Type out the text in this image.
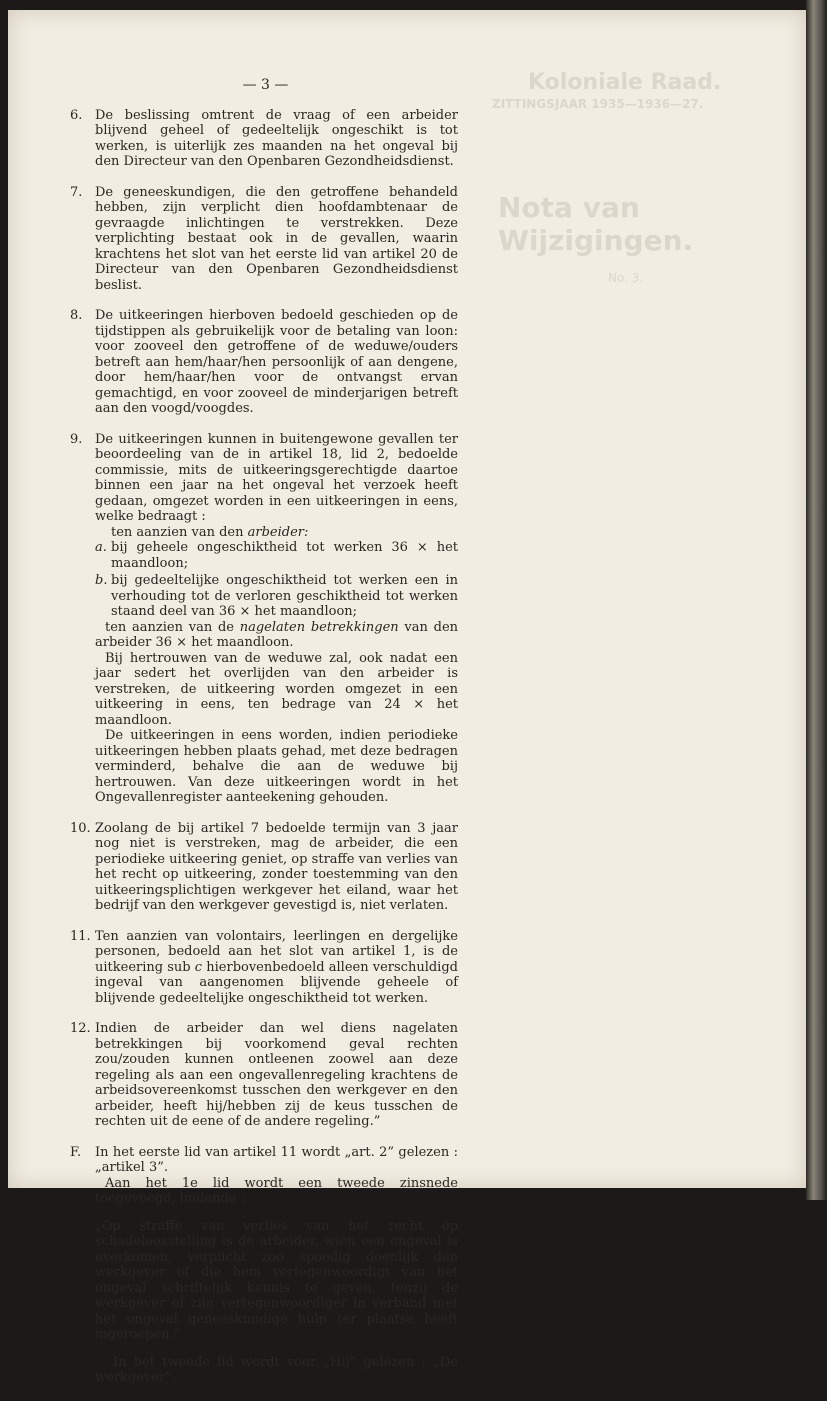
Koloniale Raad.
ZITTINGSJAAR 1935—1936—27.
Nota van Wijzigingen.
No. 3.
— 3 —
6. De beslissing omtrent de vraag of een arbeider blijvend geheel of gedeeltelijk ongeschikt is tot werken, is uiterlijk zes maanden na het ongeval bij den Directeur van den Openbaren Gezondheidsdienst.

7. De geneeskundigen, die den getroffene behandeld hebben, zijn verplicht dien hoofdambtenaar de gevraagde inlichtingen te verstrekken. Deze verplichting bestaat ook in de gevallen, waarin krachtens het slot van het eerste lid van artikel 20 de Directeur van den Openbaren Gezondheidsdienst beslist.

8. De uitkeeringen hierboven bedoeld geschieden op de tijdstippen als gebruikelijk voor de betaling van loon: voor zooveel den getroffene of de weduwe/ouders betreft aan hem/haar/hen persoonlijk of aan dengene, door hem/haar/hen voor de ontvangst ervan gemachtigd, en voor zooveel de minderjarigen betreft aan den voogd/voogdes.

9. De uitkeeringen kunnen in buitengewone gevallen ter beoordeeling van de in artikel 18, lid 2, bedoelde commissie, mits de uitkeeringsgerechtigde daartoe binnen een jaar na het ongeval het verzoek heeft gedaan, omgezet worden in een uitkeeringen in eens, welke bedraagt :

ten aanzien van den arbeider:

a. bij geheele ongeschiktheid tot werken 36 × het maandloon;

b. bij gedeeltelijke ongeschiktheid tot werken een in verhouding tot de verloren geschiktheid tot werken staand deel van 36 × het maandloon;

ten aanzien van de nagelaten betrekkingen van den arbeider 36 × het maandloon.

Bij hertrouwen van de weduwe zal, ook nadat een jaar sedert het overlijden van den arbeider is verstreken, de uitkeering worden omgezet in een uitkeering in eens, ten bedrage van 24 × het maandloon.

De uitkeeringen in eens worden, indien periodieke uitkeeringen hebben plaats gehad, met deze bedragen verminderd, behalve die aan de weduwe bij hertrouwen. Van deze uitkeeringen wordt in het Ongevallenregister aanteekening gehouden.

10. Zoolang de bij artikel 7 bedoelde termijn van 3 jaar nog niet is verstreken, mag de arbeider, die een periodieke uitkeering geniet, op straffe van verlies van het recht op uitkeering, zonder toestemming van den uitkeeringsplichtigen werkgever het eiland, waar het bedrijf van den werkgever gevestigd is, niet verlaten.

11. Ten aanzien van volontairs, leerlingen en dergelijke personen, bedoeld aan het slot van artikel 1, is de uitkeering sub c hierbovenbedoeld alleen verschuldigd ingeval van aangenomen blijvende geheele of blijvende gedeeltelijke ongeschiktheid tot werken.

12. Indien de arbeider dan wel diens nagelaten betrekkingen bij voorkomend geval rechten zou/zouden kunnen ontleenen zoowel aan deze regeling als aan een ongevallenregeling krachtens de arbeidsovereenkomst tusschen den werkgever en den arbeider, heeft hij/hebben zij de keus tusschen de rechten uit de eene of de andere regeling.”

F. In het eerste lid van artikel 11 wordt „art. 2” gelezen : „artikel 3”.

Aan het 1e lid wordt een tweede zinsnede toegevoegd, luidende :

„Op straffe van verlies van het recht op schadeloosstelling is de arbeider, wien een ongeval is overkomen, verplicht zoo spoedig doenlijk den werkgever of die hem vertegenwoordigt van het ongeval schriftelijk kennis te geven, tenzij de werkgever of zijn vertegenwoordiger in verband met het ongeval geneeskundige hulp ter plaatse heeft ingeroepen.”

In het tweede lid wordt voor „Hij” gelezen : „De werkgever”.
